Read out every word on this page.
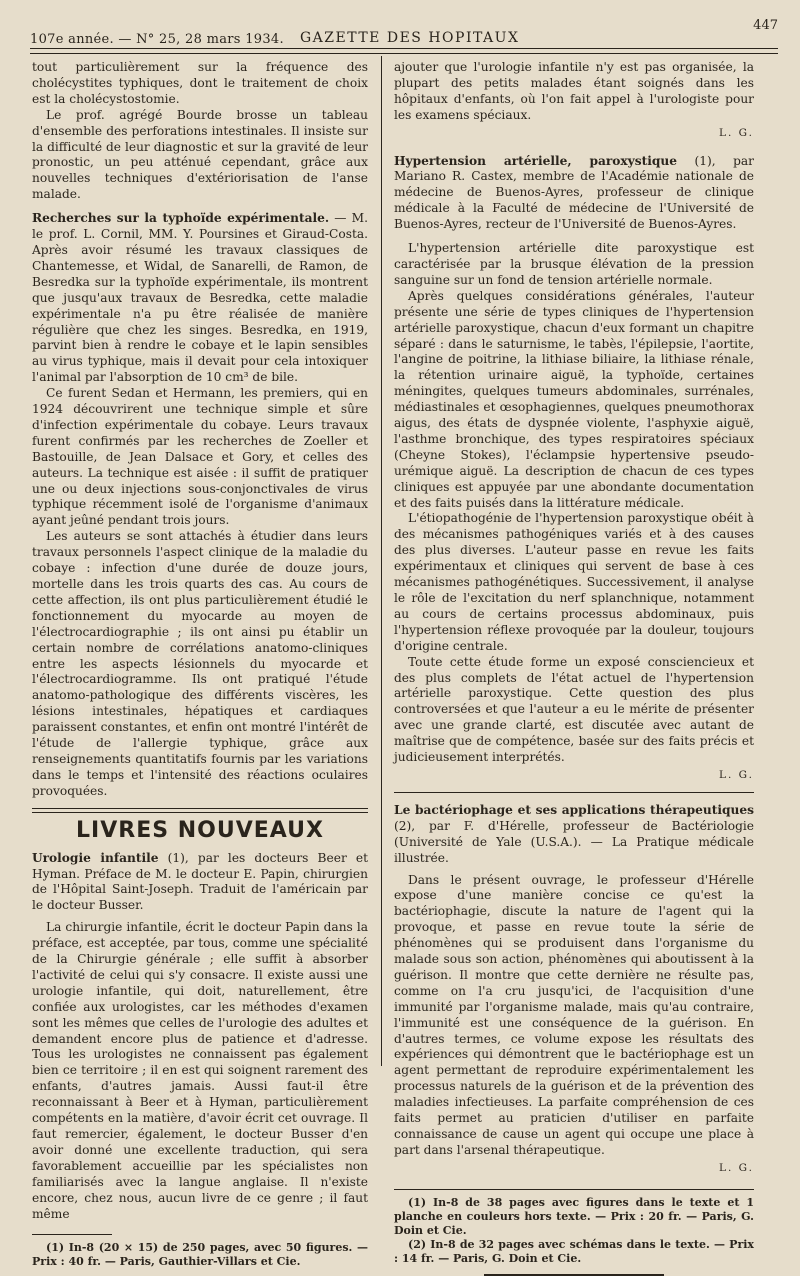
107e année. — N° 25, 28 mars 1934. GAZETTE DES HOPITAUX
447

tout particulièrement sur la fréquence des cholécystites typhiques, dont le traitement de choix est la cholécystostomie.

Le prof. agrégé Bourde brosse un tableau d'ensemble des perforations intestinales. Il insiste sur la difficulté de leur diagnostic et sur la gravité de leur pronostic, un peu atténué cependant, grâce aux nouvelles techniques d'extériorisation de l'anse malade.

Recherches sur la typhoïde expérimentale. — M. le prof. L. Cornil, MM. Y. Poursines et Giraud-Costa. Après avoir résumé les travaux classiques de Chantemesse, et Widal, de Sanarelli, de Ramon, de Besredka sur la typhoïde expérimentale, ils montrent que jusqu'aux travaux de Besredka, cette maladie expérimentale n'a pu être réalisée de manière régulière que chez les singes. Besredka, en 1919, parvint bien à rendre le cobaye et le lapin sensibles au virus typhique, mais il devait pour cela intoxiquer l'animal par l'absorption de 10 cm³ de bile.

Ce furent Sedan et Hermann, les premiers, qui en 1924 découvrirent une technique simple et sûre d'infection expérimentale du cobaye. Leurs travaux furent confirmés par les recherches de Zoeller et Bastouille, de Jean Dalsace et Gory, et celles des auteurs. La technique est aisée : il suffit de pratiquer une ou deux injections sous-conjonctivales de virus typhique récemment isolé de l'organisme d'animaux ayant jeûné pendant trois jours.

Les auteurs se sont attachés à étudier dans leurs travaux personnels l'aspect clinique de la maladie du cobaye : infection d'une durée de douze jours, mortelle dans les trois quarts des cas. Au cours de cette affection, ils ont plus particulièrement étudié le fonctionnement du myocarde au moyen de l'électrocardiographie ; ils ont ainsi pu établir un certain nombre de corrélations anatomo-cliniques entre les aspects lésionnels du myocarde et l'électrocardiogramme. Ils ont pratiqué l'étude anatomo-pathologique des différents viscères, les lésions intestinales, hépatiques et cardiaques paraissent constantes, et enfin ont montré l'intérêt de l'étude de l'allergie typhique, grâce aux renseignements quantitatifs fournis par les variations dans le temps et l'intensité des réactions oculaires provoquées.

LIVRES NOUVEAUX

Urologie infantile (1), par les docteurs Beer et Hyman. Préface de M. le docteur E. Papin, chirurgien de l'Hôpital Saint-Joseph. Traduit de l'américain par le docteur Busser.

La chirurgie infantile, écrit le docteur Papin dans la préface, est acceptée, par tous, comme une spécialité de la Chirurgie générale ; elle suffit à absorber l'activité de celui qui s'y consacre. Il existe aussi une urologie infantile, qui doit, naturellement, être confiée aux urologistes, car les méthodes d'examen sont les mêmes que celles de l'urologie des adultes et demandent encore plus de patience et d'adresse. Tous les urologistes ne connaissent pas également bien ce territoire ; il en est qui soignent rarement des enfants, d'autres jamais. Aussi faut-il être reconnaissant à Beer et à Hyman, particulièrement compétents en la matière, d'avoir écrit cet ouvrage. Il faut remercier, également, le docteur Busser d'en avoir donné une excellente traduction, qui sera favorablement accueillie par les spécialistes non familiarisés avec la langue anglaise. Il n'existe encore, chez nous, aucun livre de ce genre ; il faut même

(1) In-8 (20 × 15) de 250 pages, avec 50 figures. — Prix : 40 fr. — Paris, Gauthier-Villars et Cie.

ajouter que l'urologie infantile n'y est pas organisée, la plupart des petits malades étant soignés dans les hôpitaux d'enfants, où l'on fait appel à l'urologiste pour les examens spéciaux.

L. G.

Hypertension artérielle, paroxystique (1), par Mariano R. Castex, membre de l'Académie nationale de médecine de Buenos-Ayres, professeur de clinique médicale à la Faculté de médecine de l'Université de Buenos-Ayres, recteur de l'Université de Buenos-Ayres.

L'hypertension artérielle dite paroxystique est caractérisée par la brusque élévation de la pression sanguine sur un fond de tension artérielle normale.

Après quelques considérations générales, l'auteur présente une série de types cliniques de l'hypertension artérielle paroxystique, chacun d'eux formant un chapitre séparé : dans le saturnisme, le tabès, l'épilepsie, l'aortite, l'angine de poitrine, la lithiase biliaire, la lithiase rénale, la rétention urinaire aiguë, la typhoïde, certaines méningites, quelques tumeurs abdominales, surrénales, médiastinales et œsophagiennes, quelques pneumothorax aigus, des états de dyspnée violente, l'asphyxie aiguë, l'asthme bronchique, des types respiratoires spéciaux (Cheyne Stokes), l'éclampsie hypertensive pseudo-urémique aiguë. La description de chacun de ces types cliniques est appuyée par une abondante documentation et des faits puisés dans la littérature médicale.

L'étiopathogénie de l'hypertension paroxystique obéit à des mécanismes pathogéniques variés et à des causes des plus diverses. L'auteur passe en revue les faits expérimentaux et cliniques qui servent de base à ces mécanismes pathogénétiques. Successivement, il analyse le rôle de l'excitation du nerf splanchnique, notamment au cours de certains processus abdominaux, puis l'hypertension réflexe provoquée par la douleur, toujours d'origine centrale.

Toute cette étude forme un exposé consciencieux et des plus complets de l'état actuel de l'hypertension artérielle paroxystique. Cette question des plus controversées et que l'auteur a eu le mérite de présenter avec une grande clarté, est discutée avec autant de maîtrise que de compétence, basée sur des faits précis et judicieusement interprétés.

L. G.

Le bactériophage et ses applications thérapeutiques (2), par F. d'Hérelle, professeur de Bactériologie (Université de Yale (U.S.A.). — La Pratique médicale illustrée.

Dans le présent ouvrage, le professeur d'Hérelle expose d'une manière concise ce qu'est la bactériophagie, discute la nature de l'agent qui la provoque, et passe en revue toute la série de phénomènes qui se produisent dans l'organisme du malade sous son action, phénomènes qui aboutissent à la guérison. Il montre que cette dernière ne résulte pas, comme on l'a cru jusqu'ici, de l'acquisition d'une immunité par l'organisme malade, mais qu'au contraire, l'immunité est une conséquence de la guérison. En d'autres termes, ce volume expose les résultats des expériences qui démontrent que le bactériophage est un agent permettant de reproduire expérimentalement les processus naturels de la guérison et de la prévention des maladies infectieuses. La parfaite compréhension de ces faits permet au praticien d'utiliser en parfaite connaissance de cause un agent qui occupe une place à part dans l'arsenal thérapeutique.

L. G.

(1) In-8 de 38 pages avec figures dans le texte et 1 planche en couleurs hors texte. — Prix : 20 fr. — Paris, G. Doin et Cie.

(2) In-8 de 32 pages avec schémas dans le texte. — Prix : 14 fr. — Paris, G. Doin et Cie.
